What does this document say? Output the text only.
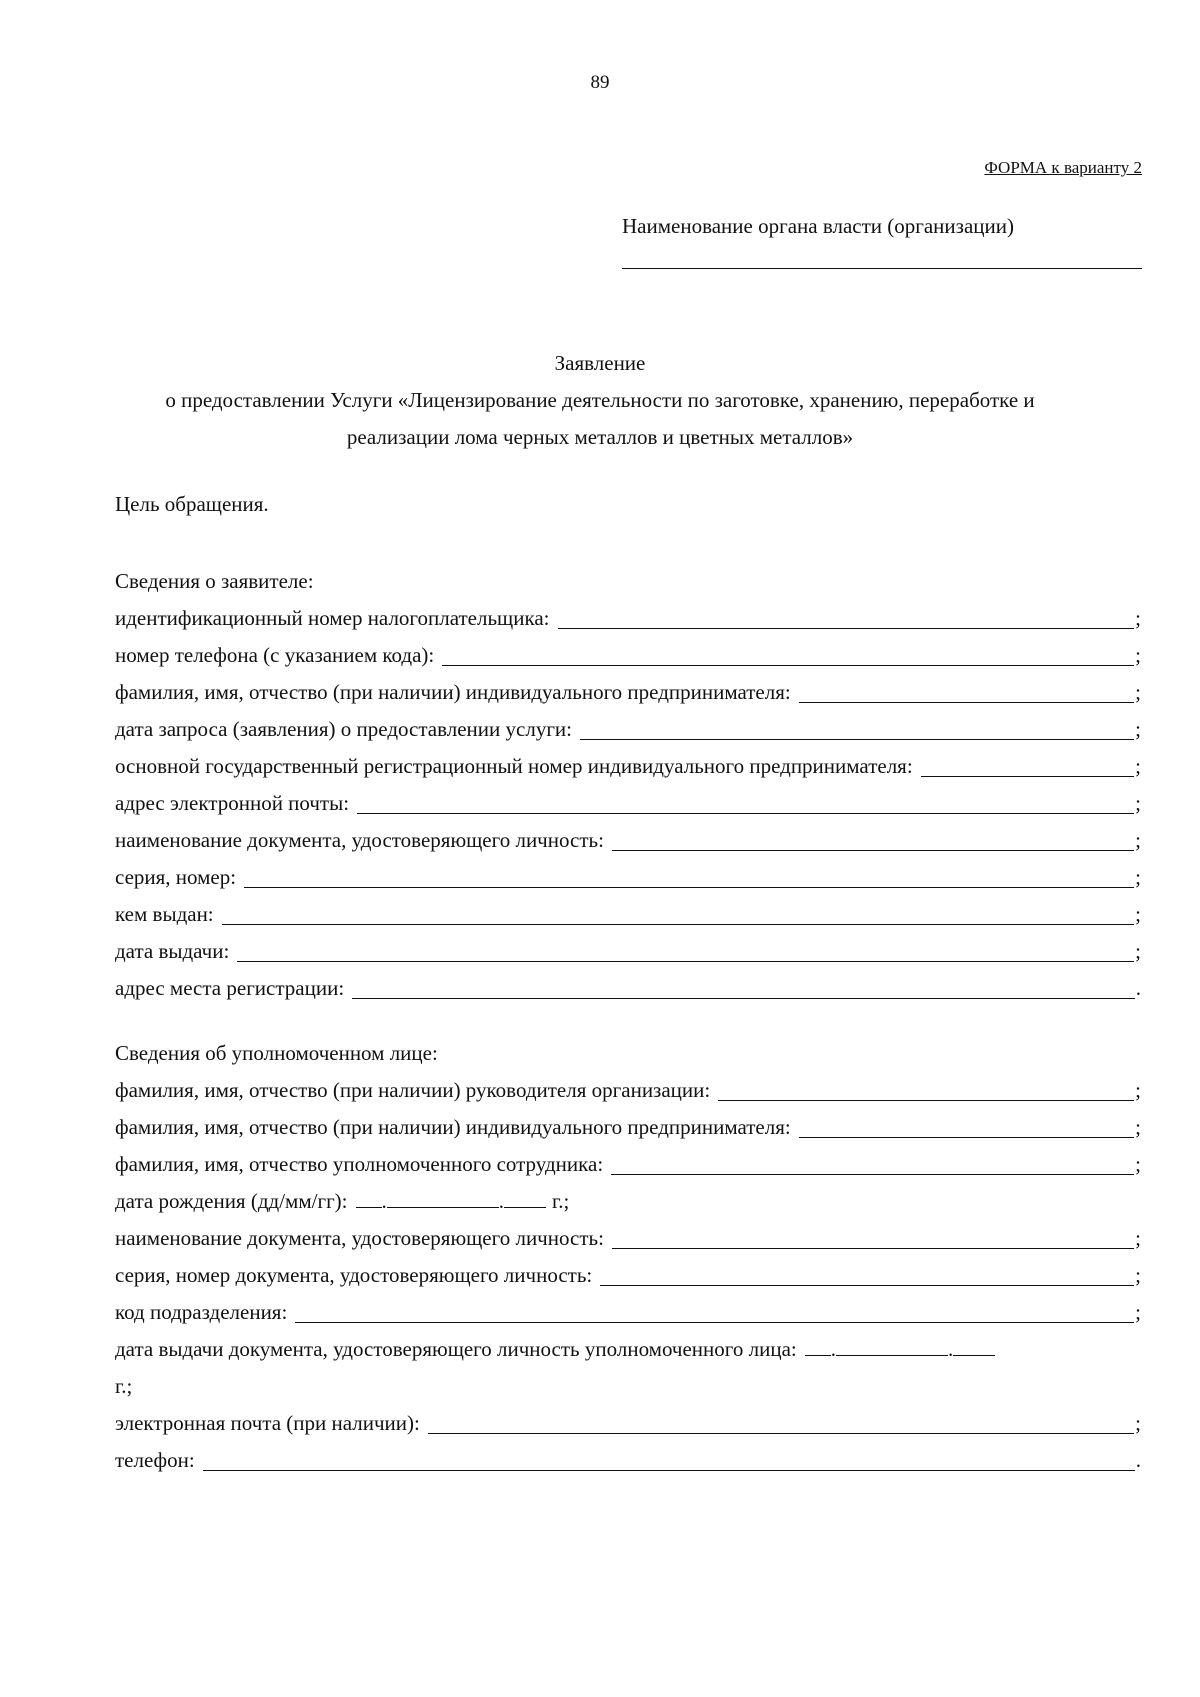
89
ФОРМА к варианту 2
Наименование органа власти (организации)
Заявление
о предоставлении Услуги «Лицензирование деятельности по заготовке, хранению, переработке и
реализации лома черных металлов и цветных металлов»
Цель обращения.
Сведения о заявителе:
идентификационный номер налогоплательщика:	;
номер телефона (с указанием кода):	;
фамилия, имя, отчество (при наличии) индивидуального предпринимателя:	;
дата запроса (заявления) о предоставлении услуги:	;
основной государственный регистрационный номер индивидуального предпринимателя:	;
адрес электронной почты:	;
наименование документа, удостоверяющего личность:	;
серия, номер:	;
кем выдан:	;
дата выдачи:	;
адрес места регистрации:	.
Сведения об уполномоченном лице:
фамилия, имя, отчество (при наличии) руководителя организации:	;
фамилия, имя, отчество (при наличии) индивидуального предпринимателя:	;
фамилия, имя, отчество уполномоченного сотрудника:	;
дата рождения (дд/мм/гг): .	. г.;
наименование документа, удостоверяющего личность:	;
серия, номер документа, удостоверяющего личность:	;
код подразделения:	;
дата выдачи документа, удостоверяющего личность уполномоченного лица: .	.
г.;
электронная почта (при наличии):	;
телефон:	.
